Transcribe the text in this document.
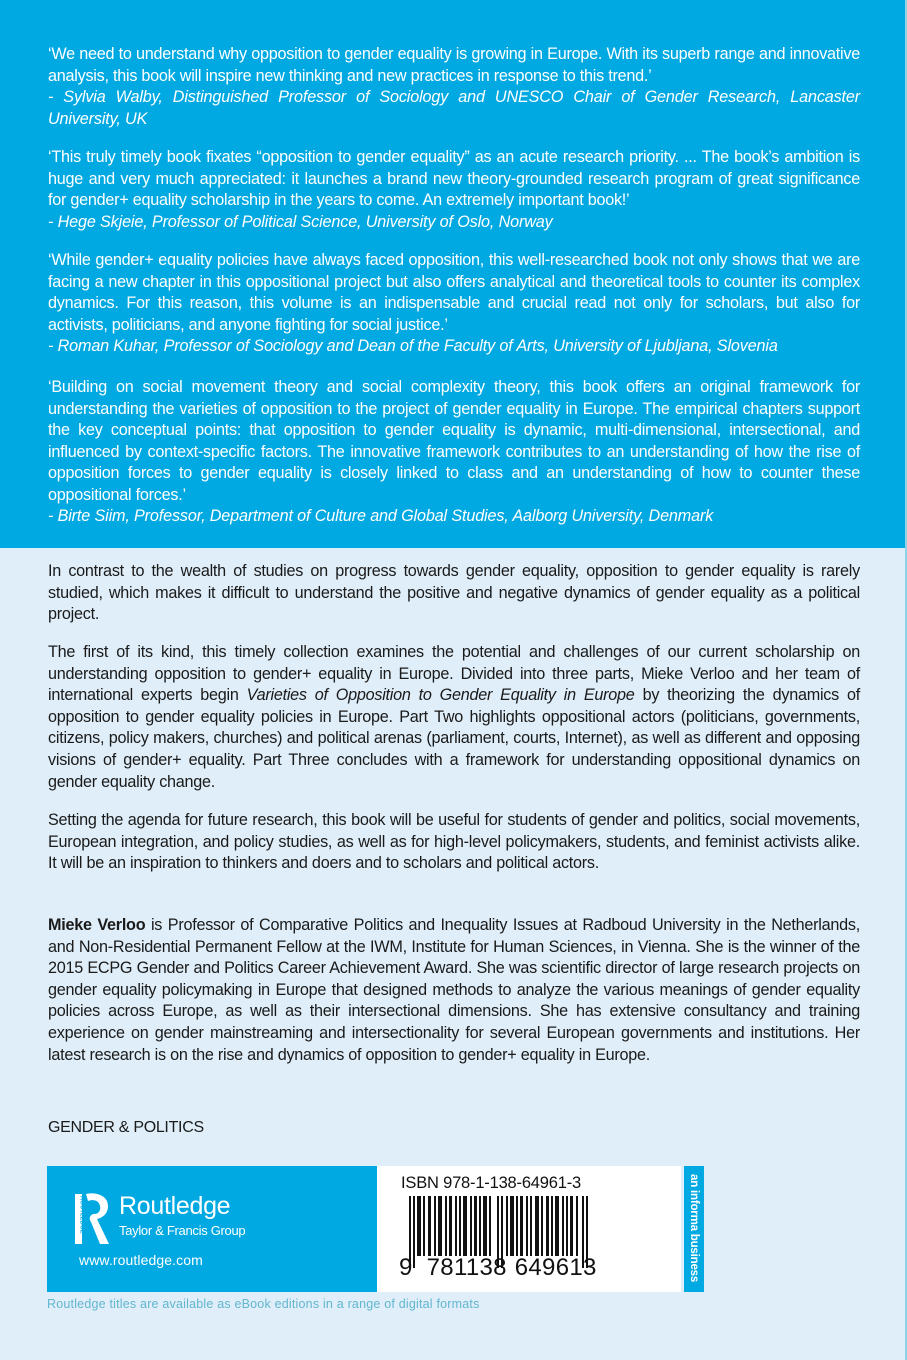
‘We need to understand why opposition to gender equality is growing in Europe. With its superb range and innovative analysis, this book will inspire new thinking and new practices in response to this trend.’

- Sylvia Walby, Distinguished Professor of Sociology and UNESCO Chair of Gender Research, Lancaster University, UK

‘This truly timely book fixates “opposition to gender equality” as an acute research priority. ... The book’s ambition is huge and very much appreciated: it launches a brand new theory-grounded research program of great significance for gender+ equality scholarship in the years to come. An extremely important book!’

- Hege Skjeie, Professor of Political Science, University of Oslo, Norway

‘While gender+ equality policies have always faced opposition, this well-researched book not only shows that we are facing a new chapter in this oppositional project but also offers analytical and theoretical tools to counter its complex dynamics. For this reason, this volume is an indispensable and crucial read not only for scholars, but also for activists, politicians, and anyone fighting for social justice.’

- Roman Kuhar, Professor of Sociology and Dean of the Faculty of Arts, University of Ljubljana, Slovenia

‘Building on social movement theory and social complexity theory, this book offers an original framework for understanding the varieties of opposition to the project of gender equality in Europe. The empirical chapters support the key conceptual points: that opposition to gender equality is dynamic, multi-dimensional, intersectional, and influenced by context-specific factors. The innovative framework contributes to an understanding of how the rise of opposition forces to gender equality is closely linked to class and an understanding of how to counter these oppositional forces.’

- Birte Siim, Professor, Department of Culture and Global Studies, Aalborg University, Denmark

In contrast to the wealth of studies on progress towards gender equality, opposition to gender equality is rarely studied, which makes it difficult to understand the positive and negative dynamics of gender equality as a political project.

The first of its kind, this timely collection examines the potential and challenges of our current scholarship on understanding opposition to gender+ equality in Europe. Divided into three parts, Mieke Verloo and her team of international experts begin Varieties of Opposition to Gender Equality in Europe by theorizing the dynamics of opposition to gender equality policies in Europe. Part Two highlights oppositional actors (politicians, governments, citizens, policy makers, churches) and political arenas (parliament, courts, Internet), as well as different and opposing visions of gender+ equality. Part Three concludes with a framework for understanding oppositional dynamics on gender equality change.

Setting the agenda for future research, this book will be useful for students of gender and politics, social movements, European integration, and policy studies, as well as for high-level policymakers, students, and feminist activists alike. It will be an inspiration to thinkers and doers and to scholars and political actors.

Mieke Verloo is Professor of Comparative Politics and Inequality Issues at Radboud University in the Netherlands, and Non-Residential Permanent Fellow at the IWM, Institute for Human Sciences, in Vienna. She is the winner of the 2015 ECPG Gender and Politics Career Achievement Award. She was scientific director of large research projects on gender equality policymaking in Europe that designed methods to analyze the various meanings of gender equality policies across Europe, as well as their intersectional dimensions. She has extensive consultancy and training experience on gender mainstreaming and intersectionality for several European governments and institutions. Her latest research is on the rise and dynamics of opposition to gender+ equality in Europe.

GENDER & POLITICS
ROUTLEDGE Routledge
Taylor & Francis Group
www.routledge.com
ISBN 978-1-138-64961-3
9 781138 649613	an informa business
Routledge titles are available as eBook editions in a range of digital formats
